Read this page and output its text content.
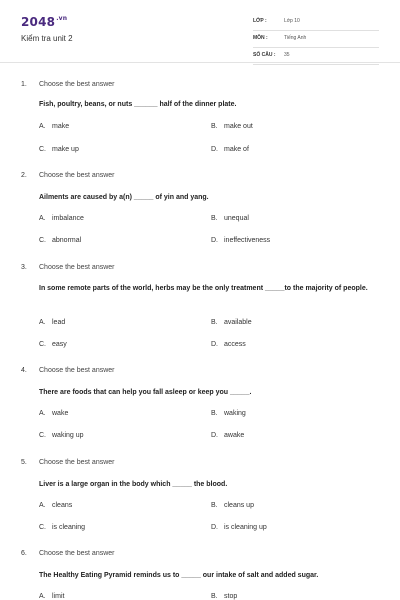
$2048^{.vn}$
Kiểm tra unit 2
LỚP :	Lớp 10
MÔN :	Tiếng Anh
SỐ CÂU : 35
1. Choose the best answer
Fish, poultry, beans, or nuts ______ half of the dinner plate.
A. make	B. make out
C. make up	D. make of
2. Choose the best answer
Ailments are caused by a(n) _____ of yin and yang.
A. imbalance	B. unequal
C. abnormal	D. ineffectiveness
3. Choose the best answer
In some remote parts of the world, herbs may be the only treatment _____to the majority of people.
A. lead	B. available
C. easy	D. access
4. Choose the best answer
There are foods that can help you fall asleep or keep you _____.
A. wake	B. waking
C. waking up	D. awake
5. Choose the best answer
Liver is a large organ in the body which _____ the blood.
A. cleans	B. cleans up
C. is cleaning	D. is cleaning up
6. Choose the best answer
The Healthy Eating Pyramid reminds us to _____ our intake of salt and added sugar.
A. limit	B. stop
